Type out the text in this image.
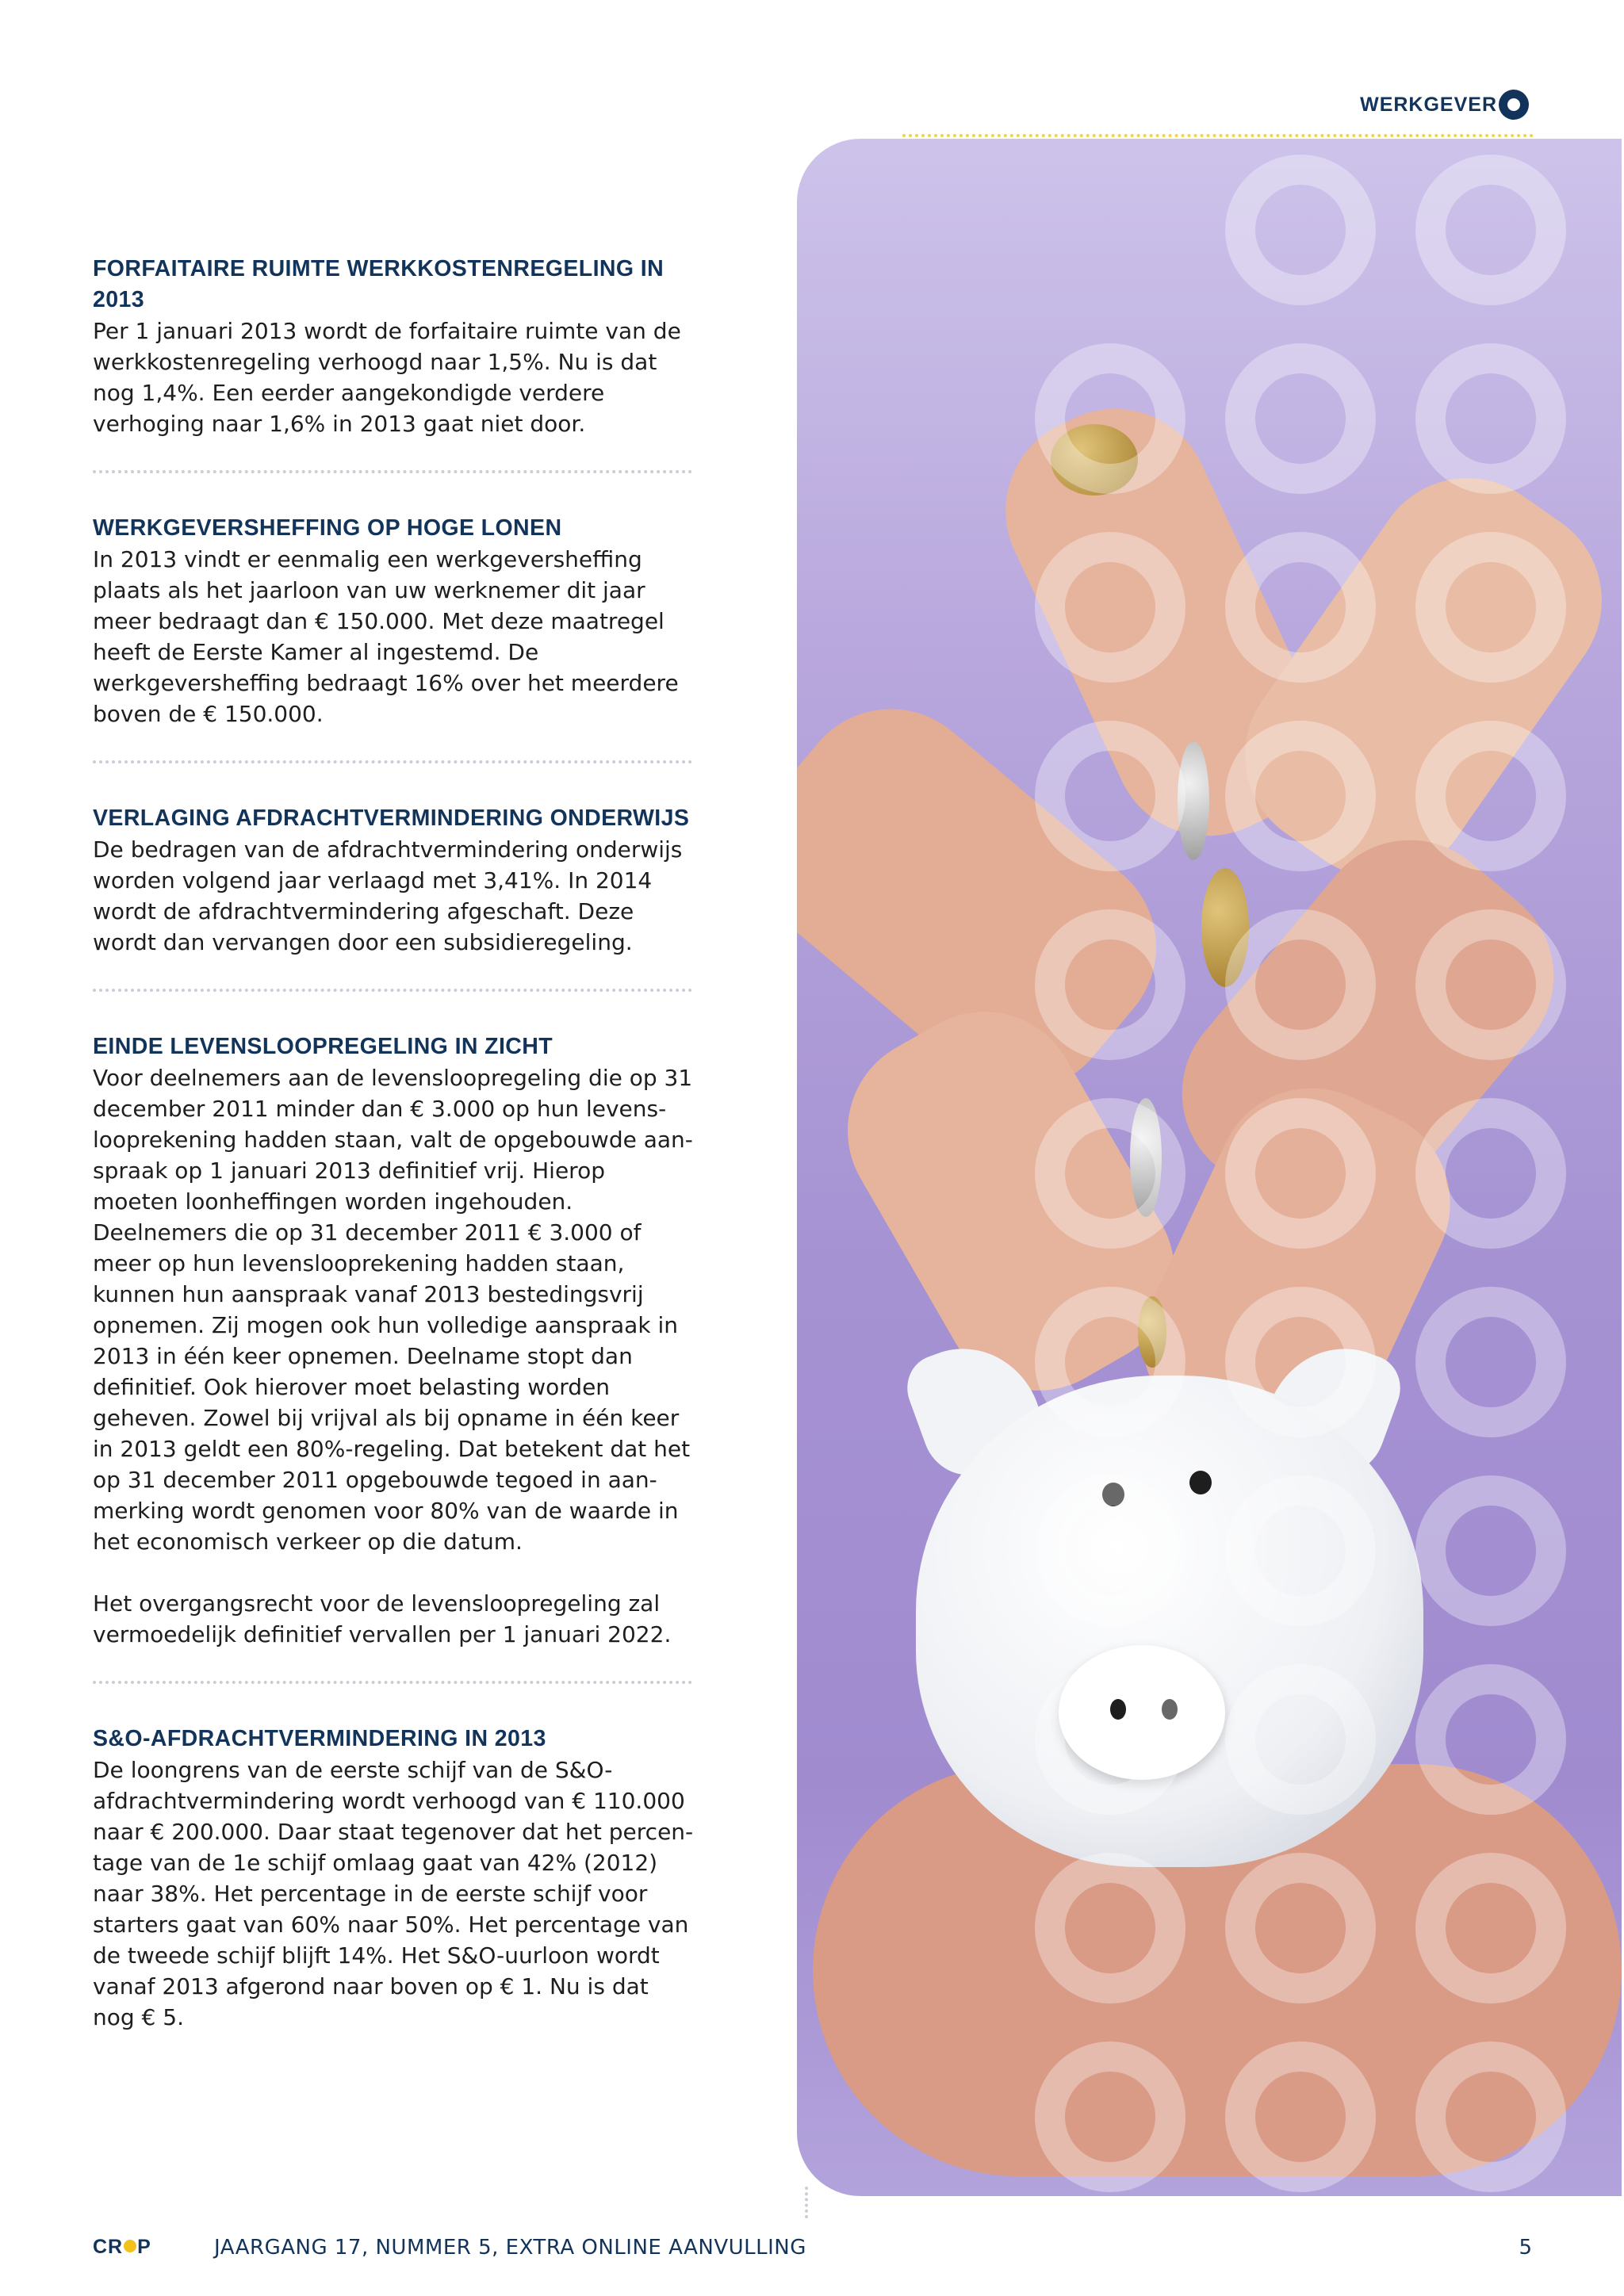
WERKGEVER
FORFAITAIRE RUIMTE WERKKOSTENREGELING IN 2013

Per 1 januari 2013 wordt de forfaitaire ruimte van de werkkostenregeling verhoogd naar 1,5%. Nu is dat nog 1,4%. Een eerder aangekondigde verdere verhoging naar 1,6% in 2013 gaat niet door.

WERKGEVERSHEFFING OP HOGE LONEN

In 2013 vindt er eenmalig een werkgeversheffing plaats als het jaarloon van uw werknemer dit jaar meer bedraagt dan € 150.000. Met deze maatregel heeft de Eerste Kamer al ingestemd. De werkgeversheffing bedraagt 16% over het meerdere boven de € 150.000.

VERLAGING AFDRACHTVERMINDERING ONDERWIJS

De bedragen van de afdrachtvermindering onderwijs worden volgend jaar verlaagd met 3,41%. In 2014 wordt de afdrachtvermindering afgeschaft. Deze wordt dan vervangen door een subsidieregeling.

EINDE LEVENSLOOPREGELING IN ZICHT

Voor deelnemers aan de levensloopregeling die op 31 december 2011 minder dan € 3.000 op hun levenslooprekening hadden staan, valt de opgebouwde aanspraak op 1 januari 2013 definitief vrij. Hierop moeten loonheffingen worden ingehouden. Deelnemers die op 31 december 2011 € 3.000 of meer op hun levenslooprekening hadden staan, kunnen hun aanspraak vanaf 2013 bestedingsvrij opnemen. Zij mogen ook hun volledige aanspraak in 2013 in één keer opnemen. Deelname stopt dan definitief. Ook hierover moet belasting worden geheven. Zowel bij vrijval als bij opname in één keer in 2013 geldt een 80%-regeling. Dat betekent dat het op 31 december 2011 opgebouwde tegoed in aanmerking wordt genomen voor 80% van de waarde in het economisch verkeer op die datum.

Het overgangsrecht voor de levensloopregeling zal vermoedelijk definitief vervallen per 1 januari 2022.

S&O-AFDRACHTVERMINDERING IN 2013

De loongrens van de eerste schijf van de S&O-afdrachtvermindering wordt verhoogd van € 110.000 naar € 200.000. Daar staat tegenover dat het percentage van de 1e schijf omlaag gaat van 42% (2012) naar 38%. Het percentage in de eerste schijf voor starters gaat van 60% naar 50%. Het percentage van de tweede schijf blijft 14%. Het S&O-uurloon wordt vanaf 2013 afgerond naar boven op € 1. Nu is dat nog € 5.

CR P	JAARGANG 17, NUMMER 5, EXTRA ONLINE AANVULLING	5
